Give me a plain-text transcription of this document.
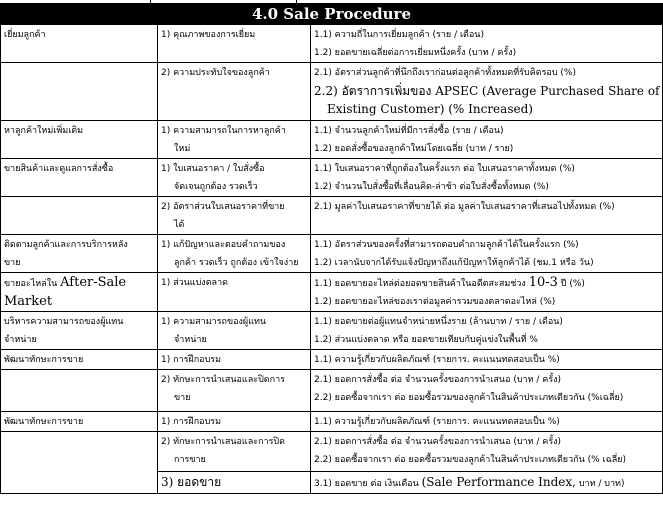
4.0 Sale Procedure
เยี่ยมลูกค้า	1) คุณภาพของการเยี่ยม	1.1) ความถี่ในการเยี่ยมลูกค้า (ราย / เดือน)
1.2) ยอดขายเฉลี่ยต่อการเยี่ยมหนึ่งครั้ง (บาท / ครั้ง)

	2) ความประทับใจของลูกค้า	2.1) อัตราส่วนลูกค้าที่นึกถึงเราก่อนต่อลูกค้าทั้งหมดที่รับคิดรอบ (%)
2.2) อัตราการเพิ่มของ APSEC (Average Purchased Share of
Existing Customer) (% Increased)

หาลูกค้าใหม่เพิ่มเติม	1) ความสามารถในการหาลูกค้า
ใหม่	1.1) จำนวนลูกค้าใหม่ที่มีการสั่งซื้อ (ราย / เดือน)
1.2) ยอดสั่งซื้อของลูกค้าใหม่โดยเฉลี่ย (บาท / ราย)

ขายสินค้าและดูแลการสั่งซื้อ	1) ใบเสนอราคา / ใบสั่งซื้อ
จัดเจนถูกต้อง รวดเร็ว	1.1) ใบเสนอราคาที่ถูกต้องในครั้งแรก ต่อ ใบเสนอราคาทั้งหมด (%)
1.2) จำนวนใบสั่งซื้อที่เลื่อนคิด-ล่าช้า ต่อใบสั่งซื้อทั้งหมด (%)

	2) อัตราส่วนใบเสนอราคาที่ขาย
ได้	2.1) มูลค่าใบเสนอราคาที่ขายได้ ต่อ มูลค่าใบเสนอราคาที่เสนอไปทั้งหมด (%)

ติดตามลูกค้าและการบริการหลัง
ขาย	1) แก้ปัญหาและตอบคำถามของ
ลูกค้า รวดเร็ว ถูกต้อง เข้าใจง่าย	1.1) อัตราส่วนของครั้งที่สามารถตอบคำถามลูกค้าได้ในครั้งแรก (%)
1.2) เวลานับจากได้รับแจ้งปัญหาถึงแก้ปัญหาให้ลูกค้าได้ (ชม.1 หรือ วัน)

ขายอะไหล่ใน After-Sale
Market	1) ส่วนแบ่งตลาด	1.1) ยอดขายอะไหล่ต่อยอดขายสินค้าในอดีตสะสมช่วง 10-3 ปี (%)
1.2) ยอดขายอะไหล่ของเราต่อมูลค่ารวมของตลาดอะไหล่ (%)

บริหารความสามารถของผู้แทน
จำหน่าย	1) ความสามารถของผู้แทน
จำหน่าย	1.1) ยอดขายต่อผู้แทนจำหน่ายหนึ่งราย (ล้านบาท / ราย / เดือน)
1.2) ส่วนแบ่งตลาด หรือ ยอดขายเทียบกับคู่แข่งในพื้นที่ %

พัฒนาทักษะการขาย	1) การฝึกอบรม	1.1) ความรู้เกี่ยวกับผลิตภัณฑ์ (รายการ. คะแนนทดสอบเป็น %)

	2) ทักษะการนำเสนอและปิดการ
ขาย	2.1) ยอดการสั่งซื้อ ต่อ จำนวนครั้งของการนำเสนอ (บาท / ครั้ง)
2.2) ยอดซื้อจากเรา ต่อ ยอมซื้อรวมของลูกค้าในสินค้าประเภทเดียวกัน (%เฉลี่ย)

พัฒนาทักษะการขาย	1) การฝึกอบรม	1.1) ความรู้เกี่ยวกับผลิตภัณฑ์ (รายการ. คะแนนทดสอบเป็น %)

	2) ทักษะการนำเสนอและการปิด
การขาย	2.1) ยอดการสั่งซื้อ ต่อ จำนวนครั้งของการนำเสนอ (บาท / ครั้ง)
2.2) ยอดซื้อจากเรา ต่อ ยอดซื้อรวมของลูกค้าในสินค้าประเภทเดียวกัน (% เฉลี่ย)

	3) ยอดขาย	3.1) ยอดขาย ต่อ เงินเดือน (Sale Performance Index, บาท / บาท)
